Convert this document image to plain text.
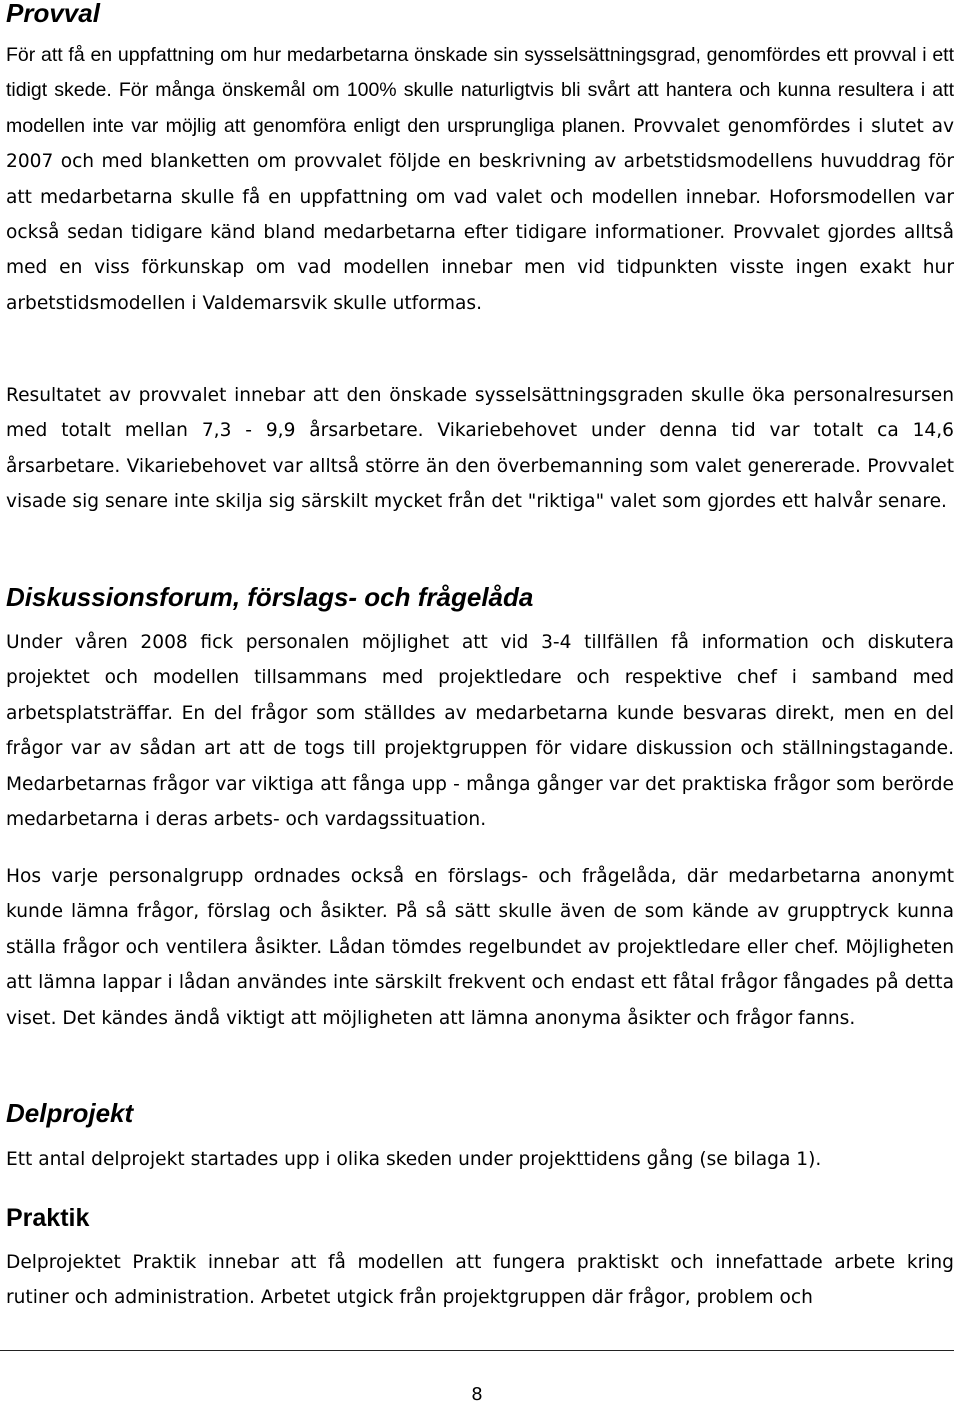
Provval

För att få en uppfattning om hur medarbetarna önskade sin sysselsättningsgrad, genomfördes ett provval i ett tidigt skede. För många önskemål om 100% skulle naturligtvis bli svårt att hantera och kunna resultera i att modellen inte var möjlig att genomföra enligt den ursprungliga planen. Provvalet genomfördes i slutet av 2007 och med blanketten om provvalet följde en beskrivning av arbetstidsmodellens huvuddrag för att medarbetarna skulle få en uppfattning om vad valet och modellen innebar. Hoforsmodellen var också sedan tidigare känd bland medarbetarna efter tidigare informationer. Provvalet gjordes alltså med en viss förkunskap om vad modellen innebar men vid tidpunkten visste ingen exakt hur arbetstidsmodellen i Valdemarsvik skulle utformas.

Resultatet av provvalet innebar att den önskade sysselsättningsgraden skulle öka personalresursen med totalt mellan 7,3 - 9,9 årsarbetare. Vikariebehovet under denna tid var totalt ca 14,6 årsarbetare. Vikariebehovet var alltså större än den överbemanning som valet genererade. Provvalet visade sig senare inte skilja sig särskilt mycket från det "riktiga" valet som gjordes ett halvår senare.

Diskussionsforum, förslags- och frågelåda

Under våren 2008 fick personalen möjlighet att vid 3-4 tillfällen få information och diskutera projektet och modellen tillsammans med projektledare och respektive chef i samband med arbetsplatsträffar. En del frågor som ställdes av medarbetarna kunde besvaras direkt, men en del frågor var av sådan art att de togs till projektgruppen för vidare diskussion och ställningstagande. Medarbetarnas frågor var viktiga att fånga upp - många gånger var det praktiska frågor som berörde medarbetarna i deras arbets- och vardagssituation.

Hos varje personalgrupp ordnades också en förslags- och frågelåda, där medarbetarna anonymt kunde lämna frågor, förslag och åsikter. På så sätt skulle även de som kände av grupptryck kunna ställa frågor och ventilera åsikter. Lådan tömdes regelbundet av projektledare eller chef. Möjligheten att lämna lappar i lådan användes inte särskilt frekvent och endast ett fåtal frågor fångades på detta viset. Det kändes ändå viktigt att möjligheten att lämna anonyma åsikter och frågor fanns.

Delprojekt

Ett antal delprojekt startades upp i olika skeden under projekttidens gång (se bilaga 1).

Praktik

Delprojektet Praktik innebar att få modellen att fungera praktiskt och innefattade arbete kring rutiner och administration. Arbetet utgick från projektgruppen där frågor, problem och

8
